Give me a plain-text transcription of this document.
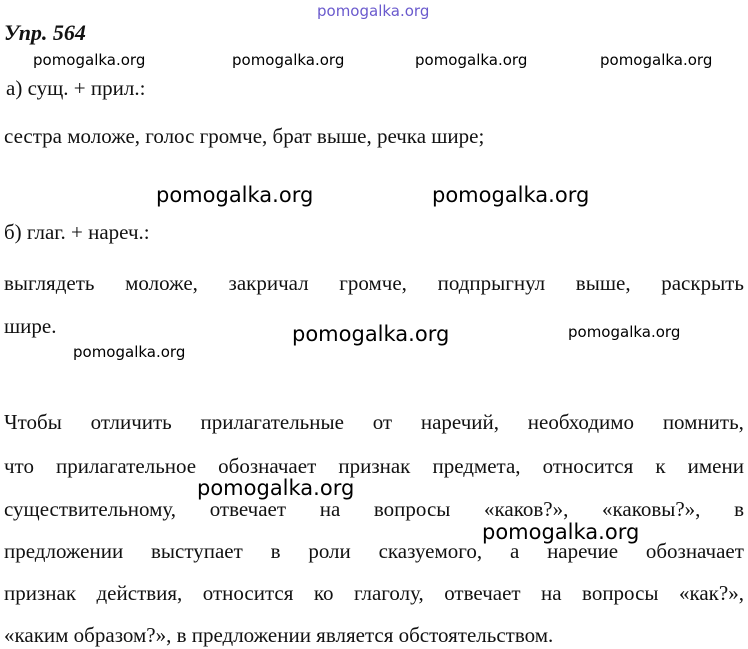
pomogalka.org
pomogalka.org	pomogalka.org	pomogalka.org	pomogalka.org
pomogalka.org	pomogalka.org
pomogalka.org	pomogalka.org
pomogalka.org
pomogalka.org
pomogalka.org
Упр. 564
а) сущ. + прил.:
сестра моложе, голос громче, брат выше, речка шире;
б) глаг. + нареч.:
выглядеть моложе, закричал громче, подпрыгнул выше, раскрыть
шире.
Чтобы отличить прилагательные от наречий, необходимо помнить,
что прилагательное обозначает признак предмета, относится к имени
существительному, отвечает на вопросы «каков?», «каковы?», в
предложении выступает в роли сказуемого, а наречие обозначает
признак действия, относится ко глаголу, отвечает на вопросы «как?»,
«каким образом?», в предложении является обстоятельством.
